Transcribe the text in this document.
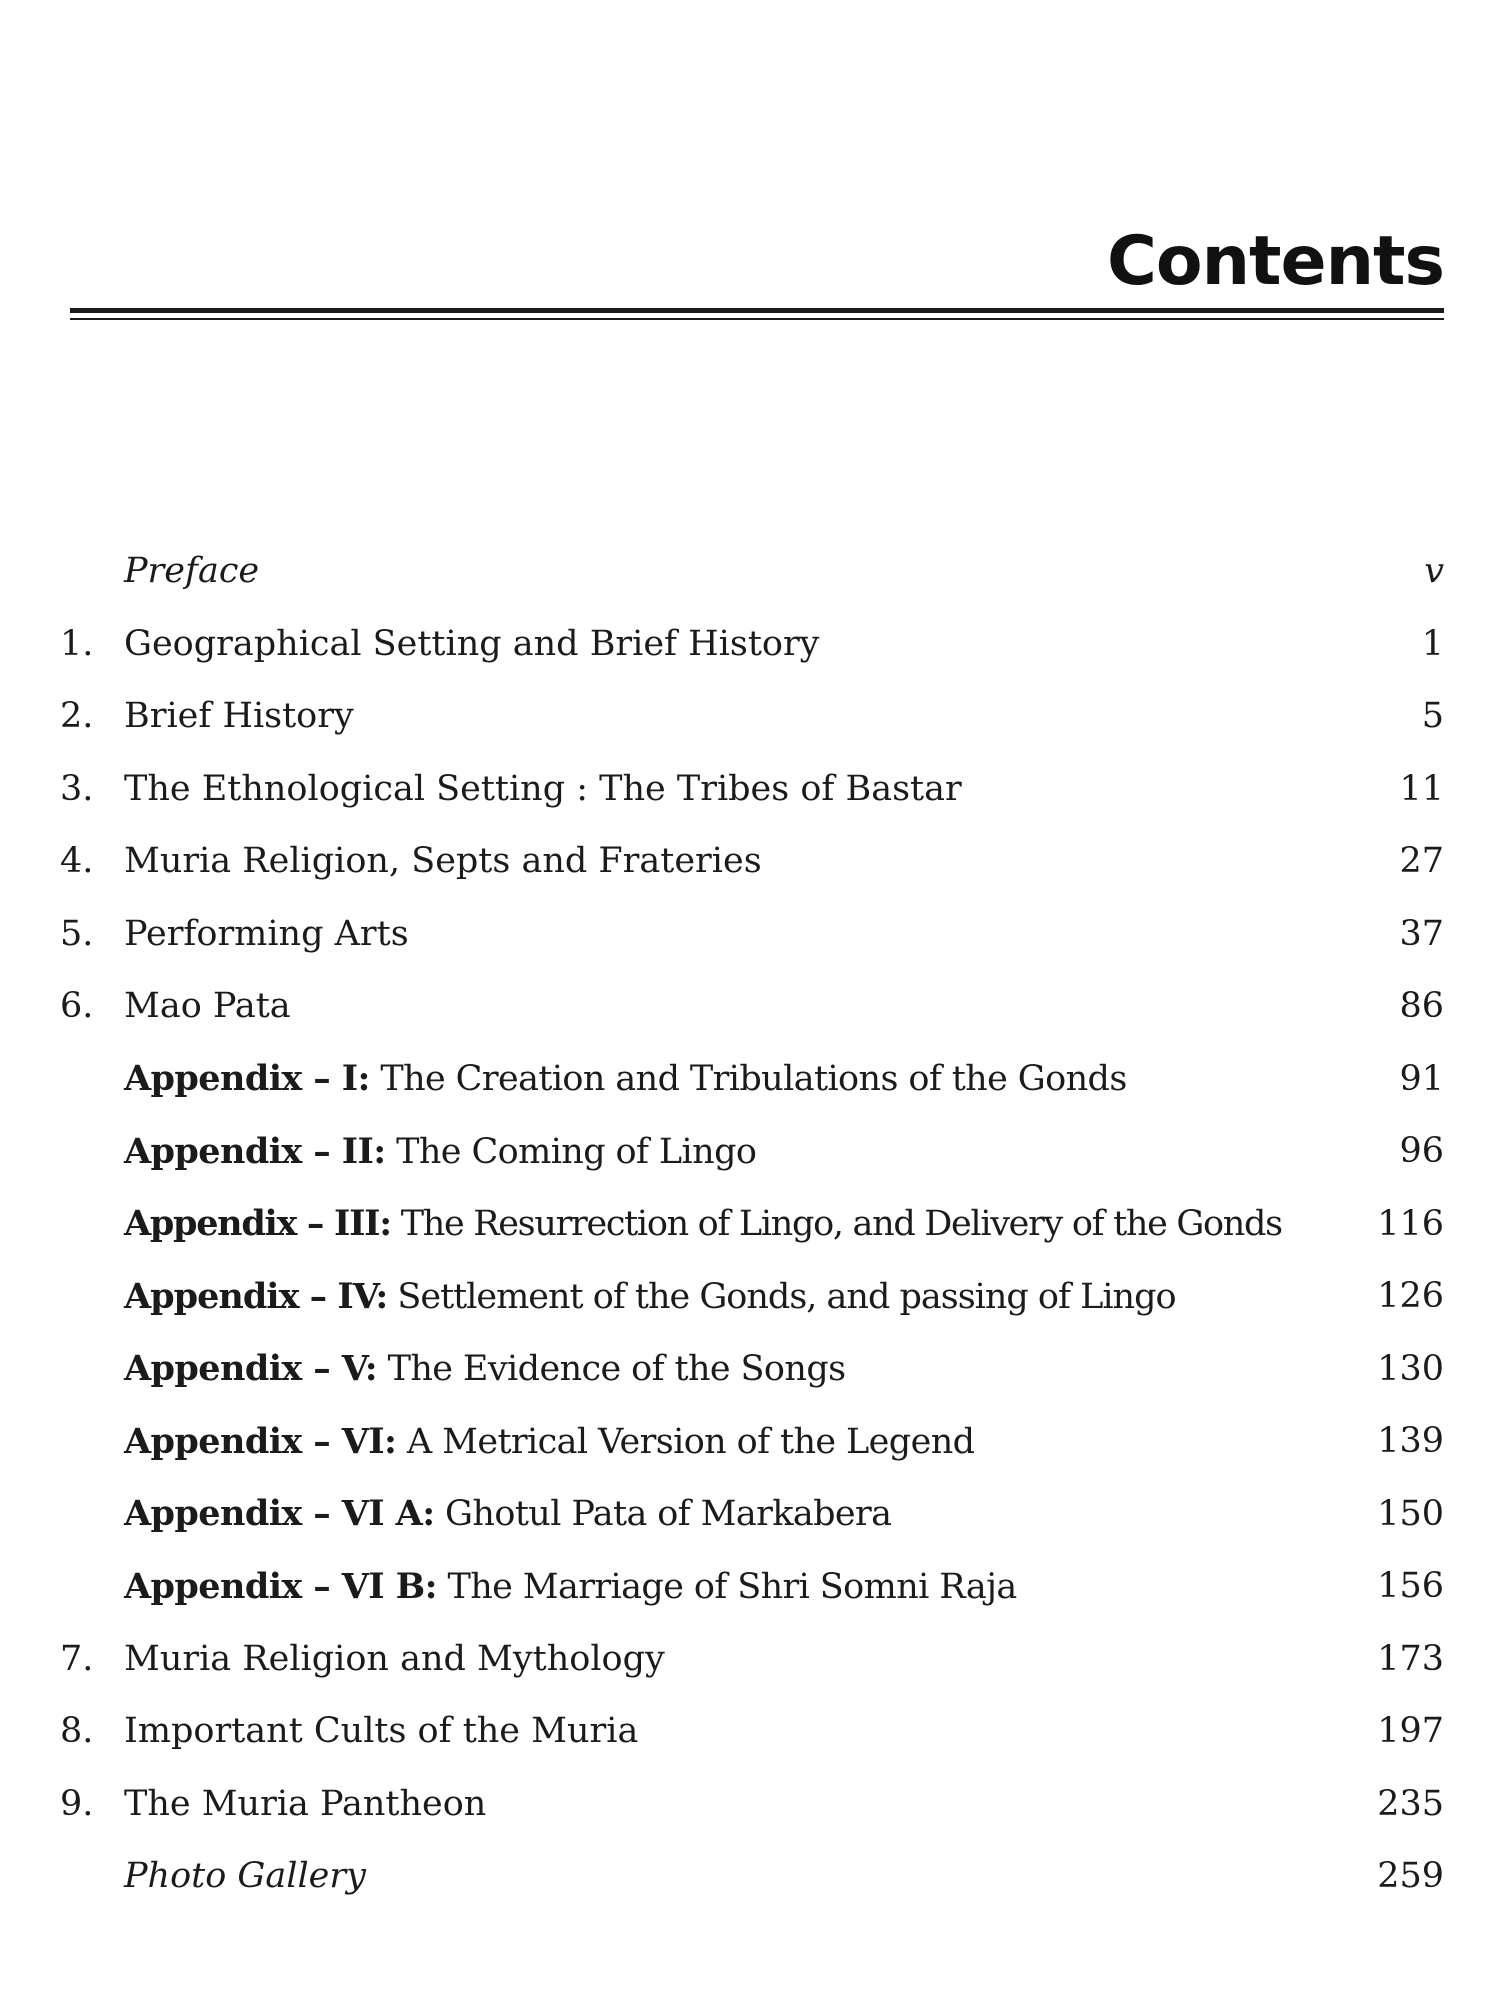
Contents
Preface	v
1. Geographical Setting and Brief History	1
2. Brief History	5
3. The Ethnological Setting : The Tribes of Bastar	11
4. Muria Religion, Septs and Frateries	27
5. Performing Arts	37
6. Mao Pata	86
Appendix – I: The Creation and Tribulations of the Gonds	91
Appendix – II: The Coming of Lingo	96
Appendix – III: The Resurrection of Lingo, and Delivery of the Gonds	116
Appendix – IV: Settlement of the Gonds, and passing of Lingo	126
Appendix – V: The Evidence of the Songs	130
Appendix – VI: A Metrical Version of the Legend	139
Appendix – VI A: Ghotul Pata of Markabera	150
Appendix – VI B: The Marriage of Shri Somni Raja	156
7. Muria Religion and Mythology	173
8. Important Cults of the Muria	197
9. The Muria Pantheon	235
Photo Gallery	259
